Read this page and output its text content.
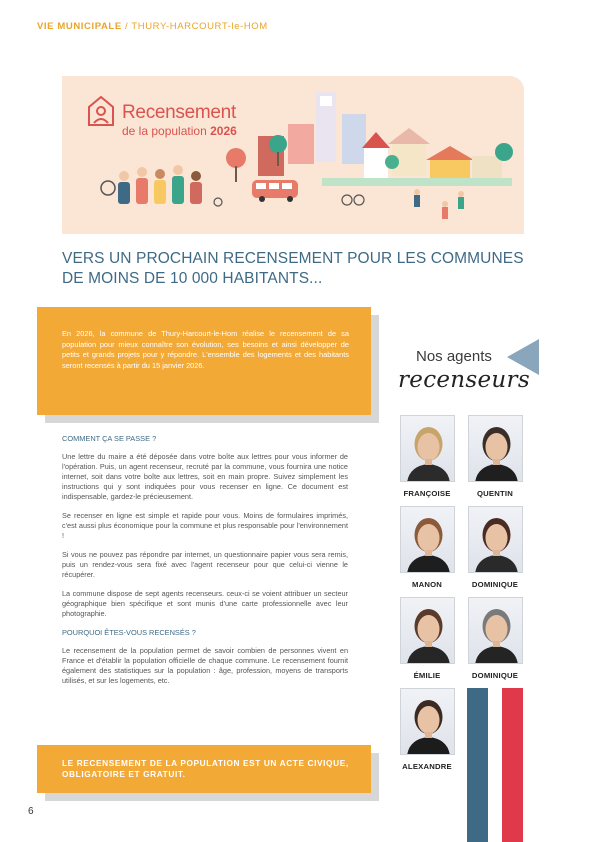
VIE MUNICIPALE / THURY-HARCOURT-le-HOM
Recensement
de la population 2026
VERS UN PROCHAIN RECENSEMENT POUR LES COMMUNES DE MOINS DE 10 000 HABITANTS...

En 2026, la commune de Thury-Harcourt-le-Hom réalise le recensement de sa population pour mieux connaître son évolution, ses besoins et ainsi développer de petits et grands projets pour y répondre. L'ensemble des logements et des habitants seront recensés à partir du 15 janvier 2026.

COMMENT ÇA SE PASSE ?

Une lettre du maire a été déposée dans votre boîte aux lettres pour vous informer de l'opération. Puis, un agent recenseur, recruté par la commune, vous fournira une notice internet, soit dans votre boîte aux lettres, soit en main propre. Suivez simplement les instructions qui y sont indiquées pour vous recenser en ligne. Ce document est indispensable, gardez-le précieusement.

Se recenser en ligne est simple et rapide pour vous. Moins de formulaires imprimés, c'est aussi plus économique pour la commune et plus responsable pour l'environnement !

Si vous ne pouvez pas répondre par internet, un questionnaire papier vous sera remis, puis un rendez-vous sera fixé avec l'agent recenseur pour que celui-ci vienne le récupérer.

La commune dispose de sept agents recenseurs. ceux-ci se voient attribuer un secteur géographique bien spécifique et sont munis d'une carte professionnelle avec leur photographie.

POURQUOI ÊTES-VOUS RECENSÉS ?

Le recensement de la population permet de savoir combien de personnes vivent en France et d'établir la population officielle de chaque commune. Le recensement fournit également des statistiques sur la population : âge, profession, moyens de transports utilisés, et sur les logements, etc.

LE RECENSEMENT DE LA POPULATION EST UN ACTE CIVIQUE, OBLIGATOIRE ET GRATUIT.

6
Nos agents
recenseurs
FRANÇOISE	QUENTIN
MANON	DOMINIQUE
ÉMILIE	DOMINIQUE
ALEXANDRE
